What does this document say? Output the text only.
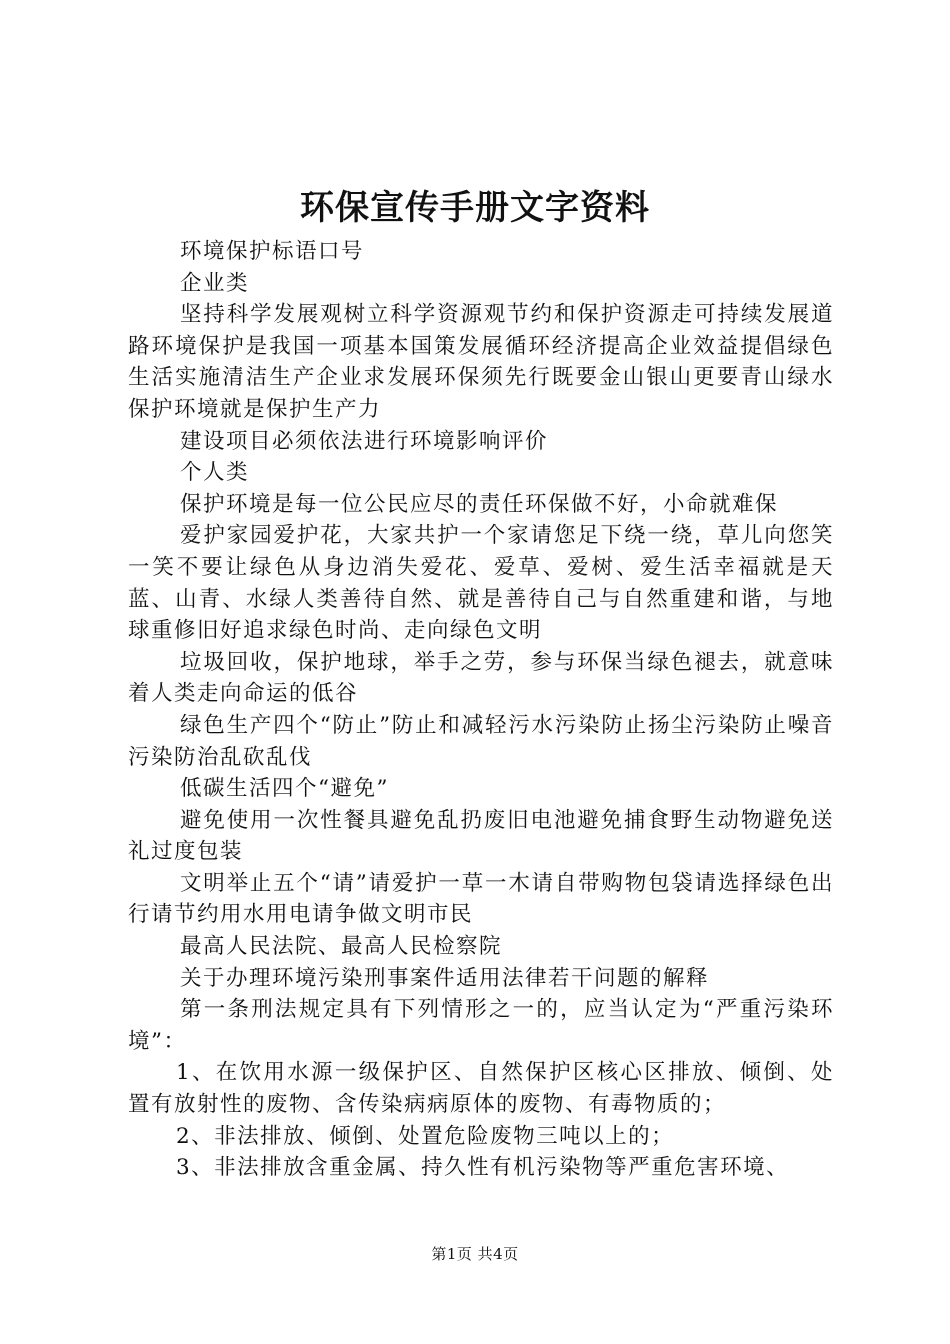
环保宣传手册文字资料

环境保护标语口号

企业类

坚持科学发展观树立科学资源观节约和保护资源走可持续发展道路环境保护是我国一项基本国策发展循环经济提高企业效益提倡绿色生活实施清洁生产企业求发展环保须先行既要金山银山更要青山绿水保护环境就是保护生产力

建设项目必须依法进行环境影响评价

个人类

保护环境是每一位公民应尽的责任环保做不好，小命就难保

爱护家园爱护花，大家共护一个家请您足下绕一绕，草儿向您笑一笑不要让绿色从身边消失爱花、爱草、爱树、爱生活幸福就是天蓝、山青、水绿人类善待自然、就是善待自己与自然重建和谐，与地球重修旧好追求绿色时尚、走向绿色文明

垃圾回收，保护地球，举手之劳，参与环保当绿色褪去，就意味着人类走向命运的低谷

绿色生产四个“防止”防止和减轻污水污染防止扬尘污染防止噪音污染防治乱砍乱伐

低碳生活四个“避免”

避免使用一次性餐具避免乱扔废旧电池避免捕食野生动物避免送礼过度包装

文明举止五个“请”请爱护一草一木请自带购物包袋请选择绿色出行请节约用水用电请争做文明市民

最高人民法院、最高人民检察院

关于办理环境污染刑事案件适用法律若干问题的解释

第一条刑法规定具有下列情形之一的，应当认定为“严重污染环境”：

1、在饮用水源一级保护区、自然保护区核心区排放、倾倒、处置有放射性的废物、含传染病病原体的废物、有毒物质的；

2、非法排放、倾倒、处置危险废物三吨以上的；

3、非法排放含重金属、持久性有机污染物等严重危害环境、

第1页 共4页
